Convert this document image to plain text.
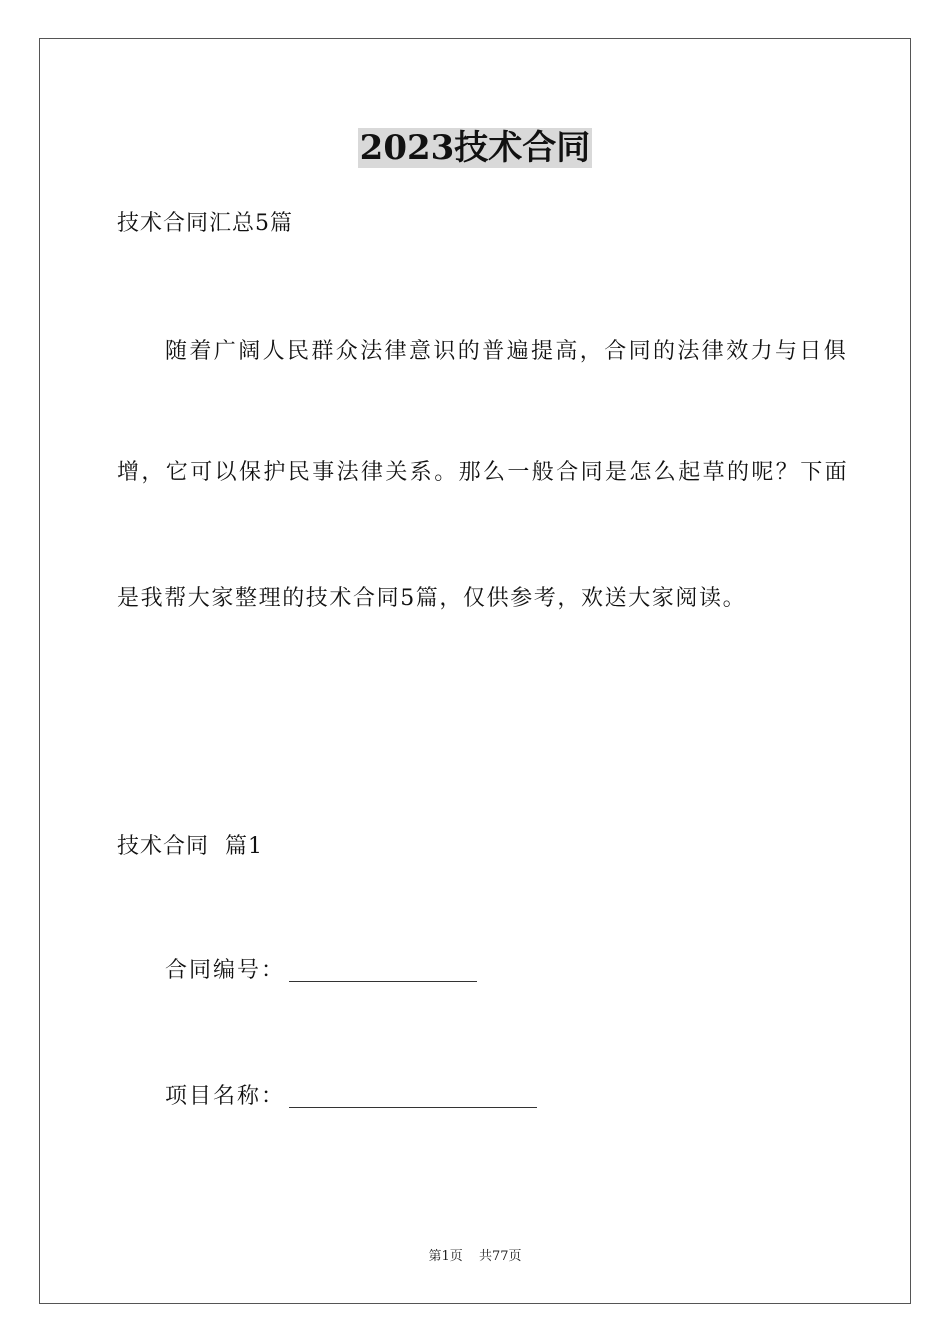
2023技术合同
技术合同汇总5篇
随着广阔人民群众法律意识的普遍提高，合同的法律效力与日俱
增，它可以保护民事法律关系。那么一般合同是怎么起草的呢？下面
是我帮大家整理的技术合同5篇，仅供参考，欢送大家阅读。
技术合同  篇1
合同编号：
项目名称：
第1页 共77页
